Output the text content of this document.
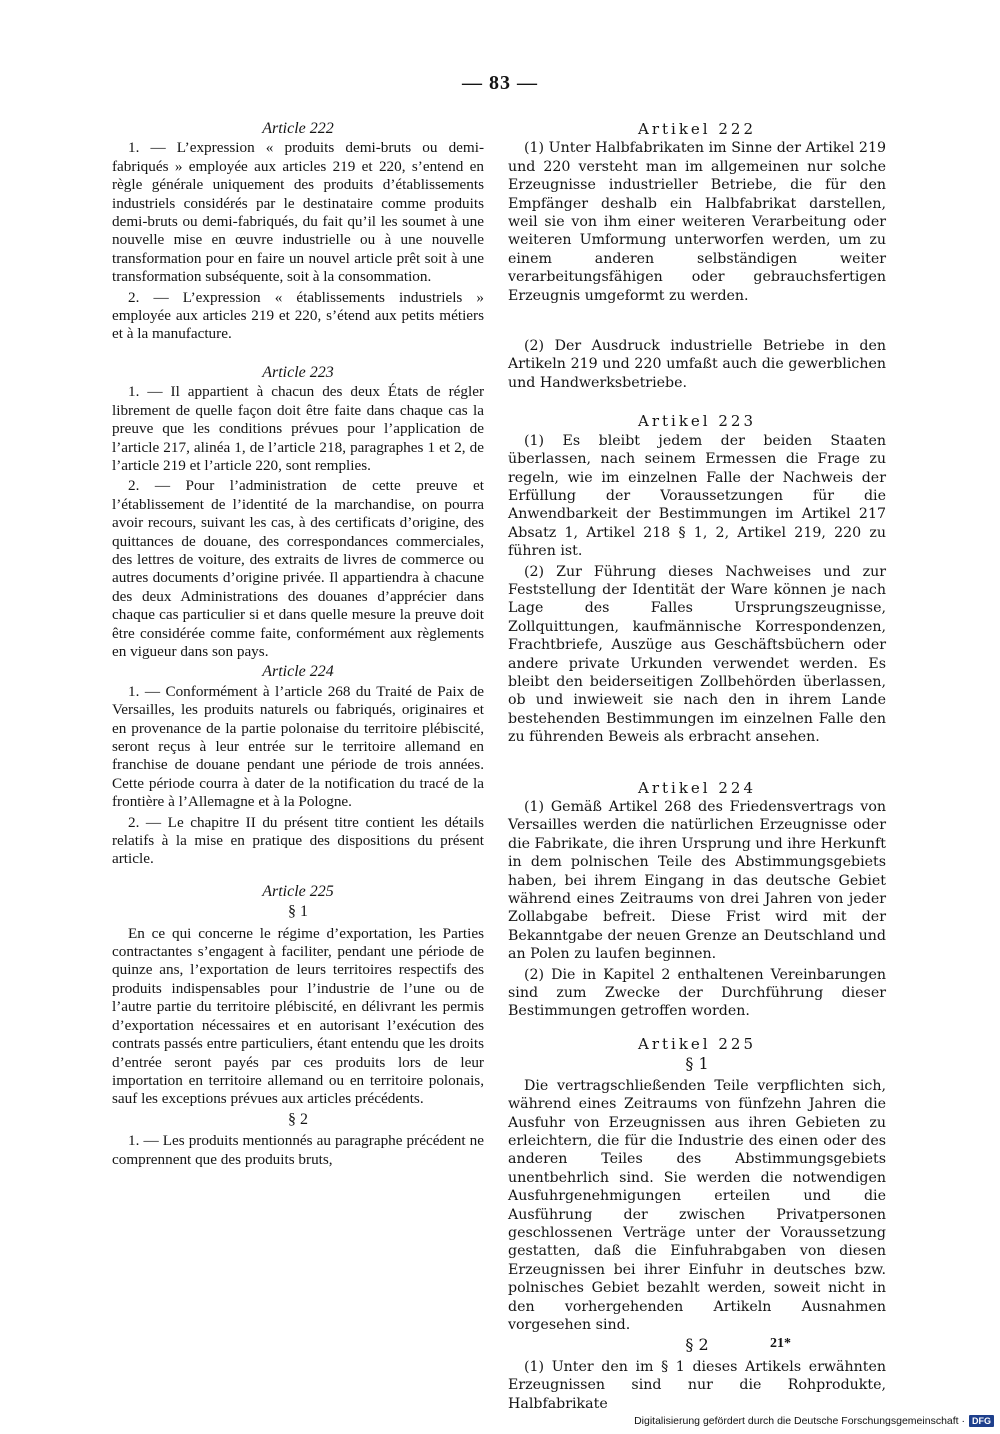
— 83 —

Article 222

1. — L’expression « produits demi-bruts ou demi-fabriqués » employée aux articles 219 et 220, s’entend en règle générale uniquement des produits d’établissements industriels considérés par le destinataire comme produits demi-bruts ou demi-fabriqués, du fait qu’il les soumet à une nouvelle mise en œuvre industrielle ou à une nouvelle transformation pour en faire un nouvel article prêt soit à une transformation subséquente, soit à la consommation.

2. — L’expression « établissements industriels » employée aux articles 219 et 220, s’étend aux petits métiers et à la manufacture.

Article 223

1. — Il appartient à chacun des deux États de régler librement de quelle façon doit être faite dans chaque cas la preuve que les conditions prévues pour l’application de l’article 217, alinéa 1, de l’article 218, paragraphes 1 et 2, de l’article 219 et l’article 220, sont remplies.

2. — Pour l’administration de cette preuve et l’établissement de l’identité de la marchandise, on pourra avoir recours, suivant les cas, à des certificats d’origine, des quittances de douane, des correspondances commerciales, des lettres de voiture, des extraits de livres de commerce ou autres documents d’origine privée. Il appartiendra à chacune des deux Administrations des douanes d’apprécier dans chaque cas particulier si et dans quelle mesure la preuve doit être considérée comme faite, conformément aux règlements en vigueur dans son pays.

Article 224

1. — Conformément à l’article 268 du Traité de Paix de Versailles, les produits naturels ou fabriqués, originaires et en provenance de la partie polonaise du territoire plébiscité, seront reçus à leur entrée sur le territoire allemand en franchise de douane pendant une période de trois années. Cette période courra à dater de la notification du tracé de la frontière à l’Allemagne et à la Pologne.

2. — Le chapitre II du présent titre contient les détails relatifs à la mise en pratique des dispositions du présent article.

Article 225

§ 1

En ce qui concerne le régime d’exportation, les Parties contractantes s’engagent à faciliter, pendant une période de quinze ans, l’exportation de leurs territoires respectifs des produits indispensables pour l’industrie de l’une ou de l’autre partie du territoire plébiscité, en délivrant les permis d’exportation nécessaires et en autorisant l’exécution des contrats passés entre particuliers, étant entendu que les droits d’entrée seront payés par ces produits lors de leur importation en territoire allemand ou en territoire polonais, sauf les exceptions prévues aux articles précédents.

§ 2

1. — Les produits mentionnés au paragraphe précédent ne comprennent que des produits bruts,

Artikel 222

(1) Unter Halbfabrikaten im Sinne der Artikel 219 und 220 versteht man im allgemeinen nur solche Erzeugnisse industrieller Betriebe, die für den Empfänger deshalb ein Halbfabrikat darstellen, weil sie von ihm einer weiteren Verarbeitung oder weiteren Umformung unterworfen werden, um zu einem anderen selbständigen weiter verarbeitungsfähigen oder gebrauchsfertigen Erzeugnis umgeformt zu werden.

(2) Der Ausdruck industrielle Betriebe in den Artikeln 219 und 220 umfaßt auch die gewerblichen und Handwerksbetriebe.

Artikel 223

(1) Es bleibt jedem der beiden Staaten überlassen, nach seinem Ermessen die Frage zu regeln, wie im einzelnen Falle der Nachweis der Erfüllung der Voraussetzungen für die Anwendbarkeit der Bestimmungen im Artikel 217 Absatz 1, Artikel 218 § 1, 2, Artikel 219, 220 zu führen ist.

(2) Zur Führung dieses Nachweises und zur Feststellung der Identität der Ware können je nach Lage des Falles Ursprungszeugnisse, Zollquittungen, kaufmännische Korrespondenzen, Frachtbriefe, Auszüge aus Geschäftsbüchern oder andere private Urkunden verwendet werden. Es bleibt den beiderseitigen Zollbehörden überlassen, ob und inwieweit sie nach den in ihrem Lande bestehenden Bestimmungen im einzelnen Falle den zu führenden Beweis als erbracht ansehen.

Artikel 224

(1) Gemäß Artikel 268 des Friedensvertrags von Versailles werden die natürlichen Erzeugnisse oder die Fabrikate, die ihren Ursprung und ihre Herkunft in dem polnischen Teile des Abstimmungsgebiets haben, bei ihrem Eingang in das deutsche Gebiet während eines Zeitraums von drei Jahren von jeder Zollabgabe befreit. Diese Frist wird mit der Bekanntgabe der neuen Grenze an Deutschland und an Polen zu laufen beginnen.

(2) Die in Kapitel 2 enthaltenen Vereinbarungen sind zum Zwecke der Durchführung dieser Bestimmungen getroffen worden.

Artikel 225

§ 1

Die vertragschließenden Teile verpflichten sich, während eines Zeitraums von fünfzehn Jahren die Ausfuhr von Erzeugnissen aus ihren Gebieten zu erleichtern, die für die Industrie des einen oder des anderen Teiles des Abstimmungsgebiets unentbehrlich sind. Sie werden die notwendigen Ausfuhrgenehmigungen erteilen und die Ausführung der zwischen Privatpersonen geschlossenen Verträge unter der Voraussetzung gestatten, daß die Einfuhrabgaben von diesen Erzeugnissen bei ihrer Einfuhr in deutsches bzw. polnisches Gebiet bezahlt werden, soweit nicht in den vorhergehenden Artikeln Ausnahmen vorgesehen sind.

§ 2

(1) Unter den im § 1 dieses Artikels erwähnten Erzeugnissen sind nur die Rohprodukte, Halbfabrikate

21*
Digitalisierung gefördert durch die Deutsche Forschungsgemeinschaft · DFG
